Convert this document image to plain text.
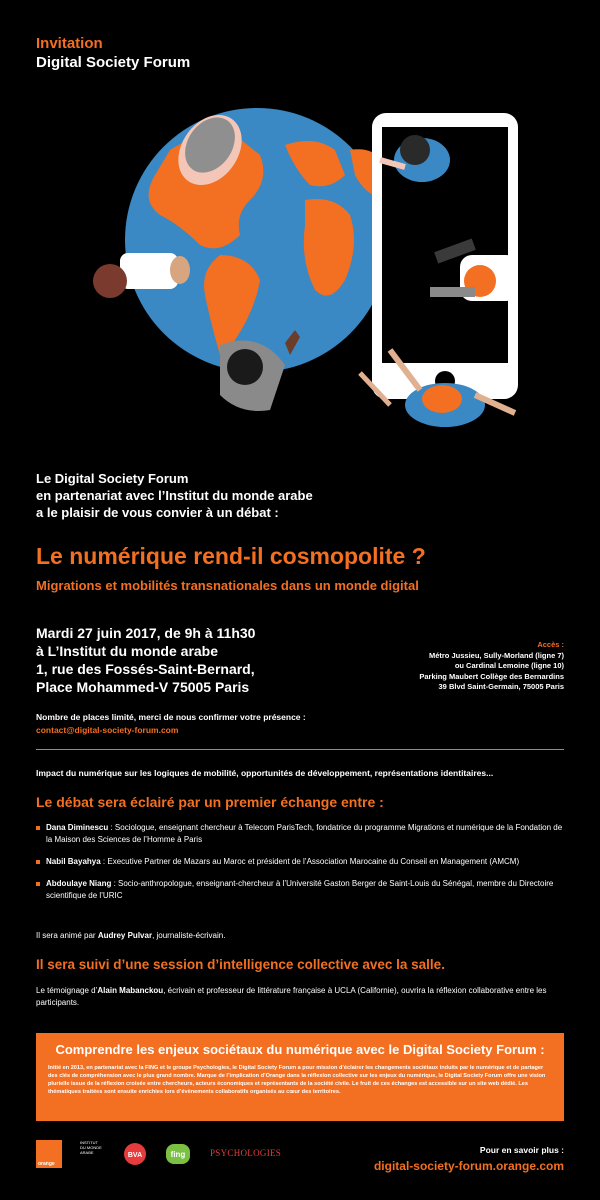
Invitation
Digital Society Forum
Le Digital Society Forum
en partenariat avec l’Institut du monde arabe
a le plaisir de vous convier à un débat :
Le numérique rend-il cosmopolite ?
Migrations et mobilités transnationales dans un monde digital
Mardi 27 juin 2017, de 9h à 11h30
à L’Institut du monde arabe
1, rue des Fossés-Saint-Bernard,
Place Mohammed-V 75005 Paris
Accès :
Métro Jussieu, Sully-Morland (ligne 7)
ou Cardinal Lemoine (ligne 10)
Parking Maubert Collège des Bernardins
39 Blvd Saint-Germain, 75005 Paris
Nombre de places limité, merci de nous confirmer votre présence :
contact@digital-society-forum.com
Impact du numérique sur les logiques de mobilité, opportunités de développement, représentations identitaires...
Le débat sera éclairé par un premier échange entre :
Dana Diminescu : Sociologue, enseignant chercheur à Telecom ParisTech, fondatrice du programme Migrations et numérique de la Fondation de la Maison des Sciences de l’Homme à Paris
Nabil Bayahya : Executive Partner de Mazars au Maroc et président de l’Association Marocaine du Conseil en Management (AMCM)
Abdoulaye Niang : Socio-anthropologue, enseignant-chercheur à l’Université Gaston Berger de Saint-Louis du Sénégal, membre du Directoire scientifique de l’URIC
Il sera animé par Audrey Pulvar, journaliste-écrivain.
Il sera suivi d’une session d’intelligence collective avec la salle.
Le témoignage d’Alain Mabanckou, écrivain et professeur de littérature française à UCLA (Californie), ouvrira la réflexion collaborative entre les participants.
Comprendre les enjeux sociétaux du numérique avec le Digital Society Forum :
Initié en 2013, en partenariat avec la FING et le groupe Psychologies, le Digital Society Forum a pour mission d’éclairer les changements sociétaux induits par le numérique et de partager des clés de compréhension avec le plus grand nombre. Marque de l’implication d’Orange dans la réflexion collective sur les enjeux du numérique, le Digital Society Forum offre une vision plurielle issue de la réflexion croisée entre chercheurs, acteurs économiques et représentants de la société civile. Le fruit de ces échanges est accessible sur un site web dédié. Les thématiques traitées sont ensuite enrichies lors d’évènements collaboratifs organisés au cœur des territoires.
orange
INSTITUT
DU MONDE
ARABE	BVA	fing	PSYCHOLOGIES	Pour en savoir plus :
digital-society-forum.orange.com
